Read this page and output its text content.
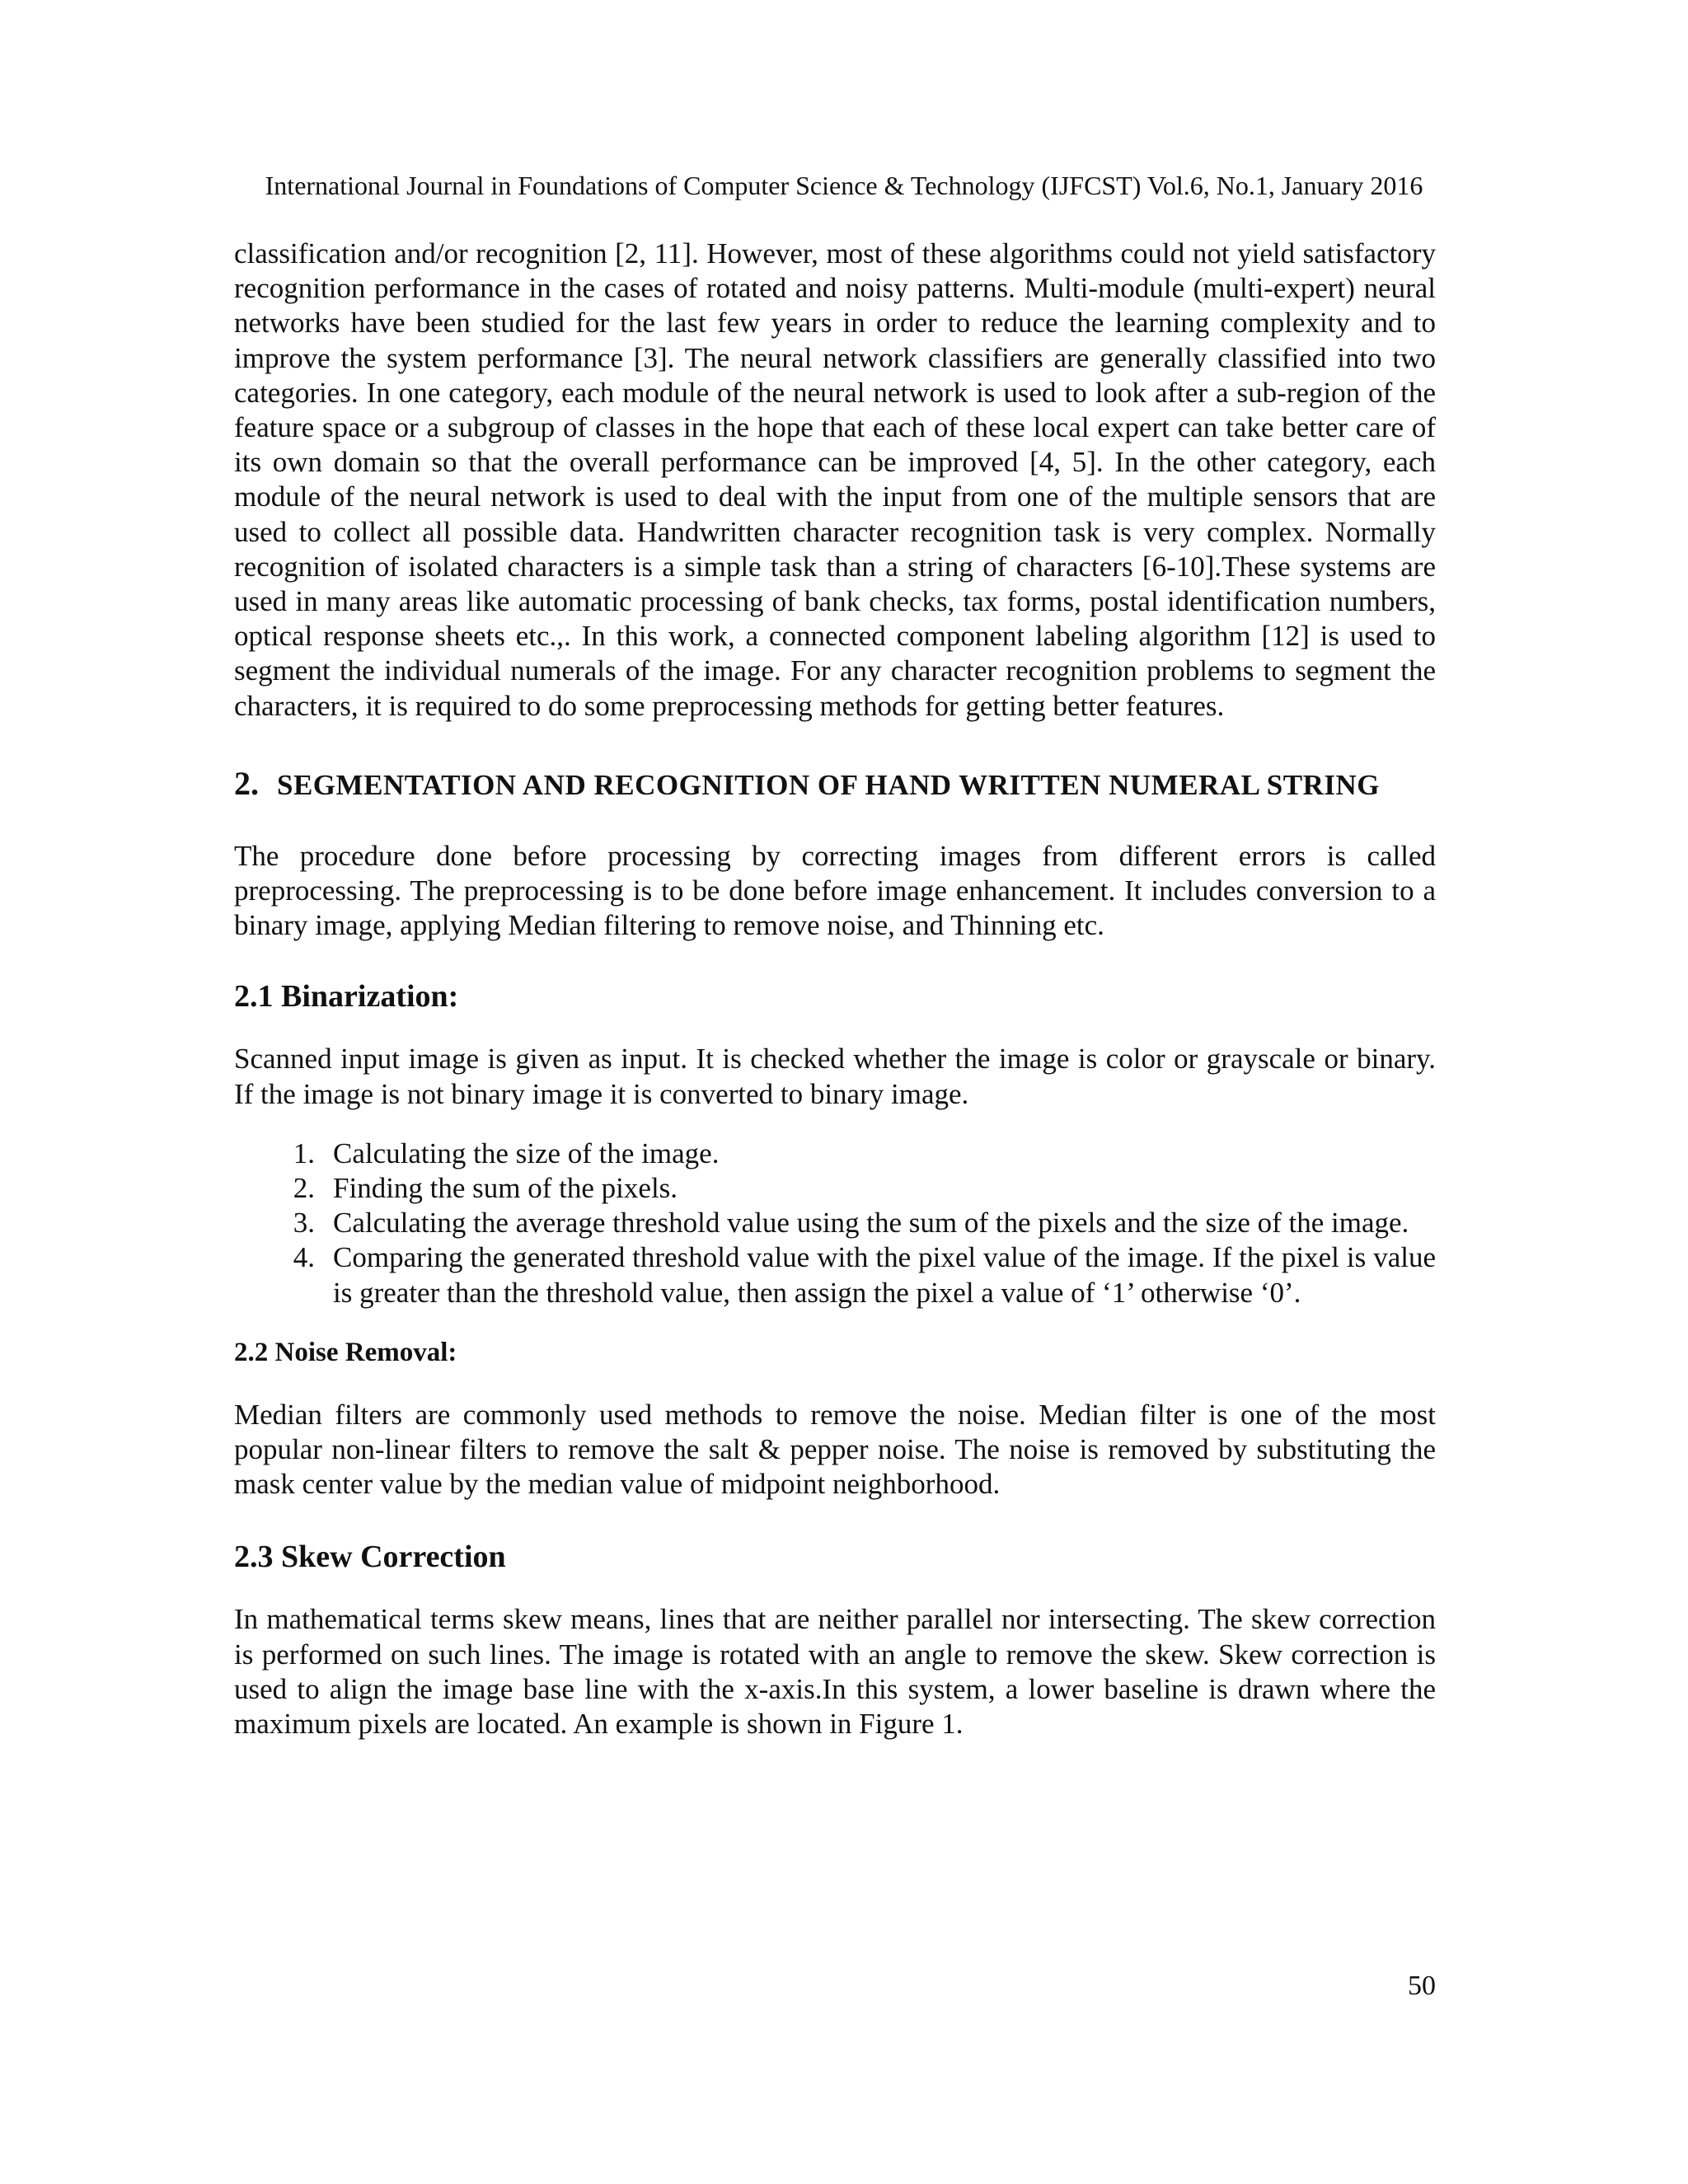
International Journal in Foundations of Computer Science & Technology (IJFCST) Vol.6, No.1, January 2016

classification and/or recognition [2, 11]. However, most of these algorithms could not yield satisfactory recognition performance in the cases of rotated and noisy patterns. Multi-module (multi-expert) neural networks have been studied for the last few years in order to reduce the learning complexity and to improve the system performance [3]. The neural network classifiers are generally classified into two categories. In one category, each module of the neural network is used to look after a sub-region of the feature space or a subgroup of classes in the hope that each of these local expert can take better care of its own domain so that the overall performance can be improved [4, 5]. In the other category, each module of the neural network is used to deal with the input from one of the multiple sensors that are used to collect all possible data. Handwritten character recognition task is very complex. Normally recognition of isolated characters is a simple task than a string of characters [6-10].These systems are used in many areas like automatic processing of bank checks, tax forms, postal identification numbers, optical response sheets etc.,. In this work, a connected component labeling algorithm [12] is used to segment the individual numerals of the image. For any character recognition problems to segment the characters, it is required to do some preprocessing methods for getting better features.

2. SEGMENTATION AND RECOGNITION OF HAND WRITTEN NUMERAL STRING

The procedure done before processing by correcting images from different errors is called preprocessing. The preprocessing is to be done before image enhancement. It includes conversion to a binary image, applying Median filtering to remove noise, and Thinning etc.

2.1 Binarization:

Scanned input image is given as input. It is checked whether the image is color or grayscale or binary. If the image is not binary image it is converted to binary image.

1. Calculating the size of the image.
2. Finding the sum of the pixels.
3. Calculating the average threshold value using the sum of the pixels and the size of the image.
4. Comparing the generated threshold value with the pixel value of the image. If the pixel is value is greater than the threshold value, then assign the pixel a value of ‘1’ otherwise ‘0’.
2.2 Noise Removal:

Median filters are commonly used methods to remove the noise. Median filter is one of the most popular non-linear filters to remove the salt & pepper noise. The noise is removed by substituting the mask center value by the median value of midpoint neighborhood.

2.3 Skew Correction

In mathematical terms skew means, lines that are neither parallel nor intersecting. The skew correction is performed on such lines. The image is rotated with an angle to remove the skew. Skew correction is used to align the image base line with the x-axis.In this system, a lower baseline is drawn where the maximum pixels are located. An example is shown in Figure 1.

50
